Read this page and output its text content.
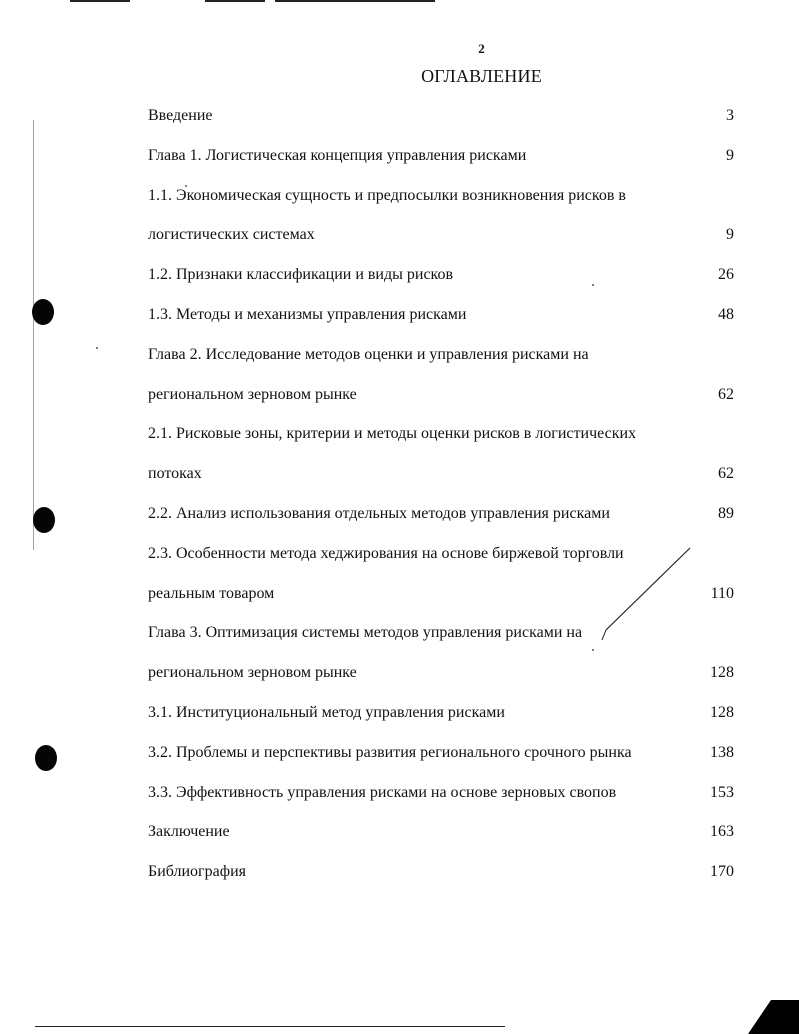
2
ОГЛАВЛЕНИЕ
Введение	3
Глава 1. Логистическая концепция управления рисками	9
1.1. Экономическая сущность и предпосылки возникновения рисков в
логистических системах	9
1.2. Признаки классификации и виды рисков	26
1.3. Методы и механизмы управления рисками	48
Глава 2. Исследование методов оценки и управления рисками на
региональном зерновом рынке	62
2.1. Рисковые зоны, критерии и методы оценки рисков в логистических
потоках	62
2.2. Анализ использования отдельных методов управления рисками	89
2.3. Особенности метода хеджирования на основе биржевой торговли
реальным товаром	110
Глава 3. Оптимизация системы методов управления рисками на
региональном зерновом рынке	128
3.1. Институциональный метод управления рисками	128
3.2. Проблемы и перспективы развития регионального срочного рынка	138
3.3. Эффективность управления рисками на основе зерновых свопов	153
Заключение	163
Библиография	170
